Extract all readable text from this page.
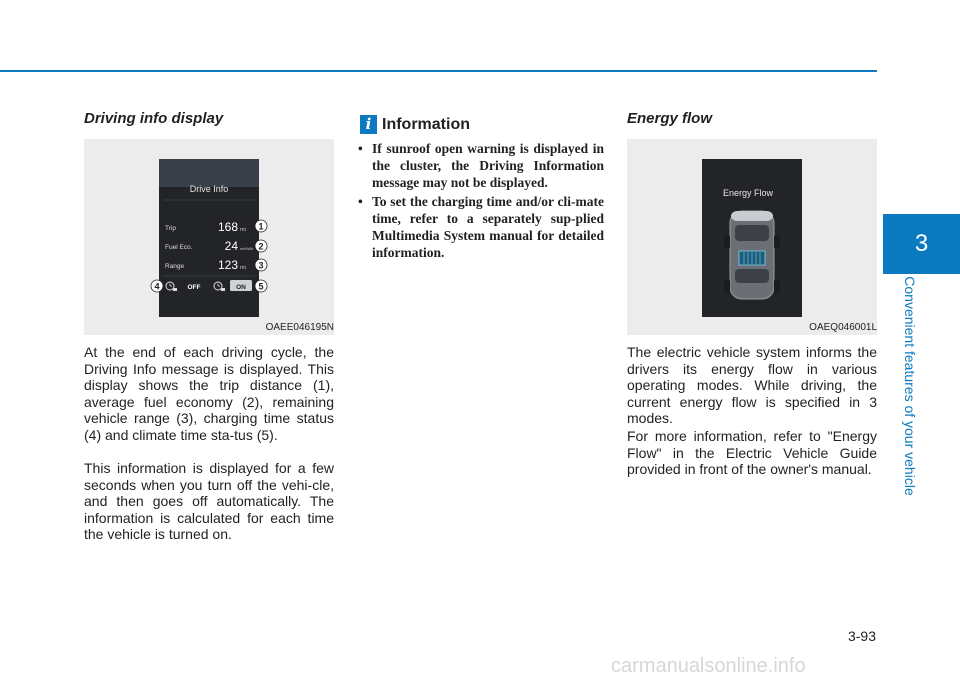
Driving info display
Drive Info
Trip	168 mi
Fuel Eco.	24 mi/kWh
Range	123 mi
OFF	ON
1
2
3
4	5
OAEE046195N

At the end of each driving cycle, the Driving Info message is displayed. This display shows the trip distance (1), average fuel economy (2), remaining vehicle range (3), charging time status (4) and climate time sta-tus (5).

This information is displayed for a few seconds when you turn off the vehi-cle, and then goes off automatically. The information is calculated for each time the vehicle is turned on.

i Information
• If sunroof open warning is displayed in the cluster, the Driving Information message may not be displayed.
• To set the charging time and/or cli-mate time, refer to a separately sup-plied Multimedia System manual for detailed information.
Energy flow
Energy Flow
OAEQ046001L

The electric vehicle system informs the drivers its energy flow in various operating modes. While driving, the current energy flow is specified in 3 modes.

For more information, refer to "Energy Flow" in the Electric Vehicle Guide provided in front of the owner's manual.

3
Convenient features of your vehicle
3-93
carmanualsonline.info
